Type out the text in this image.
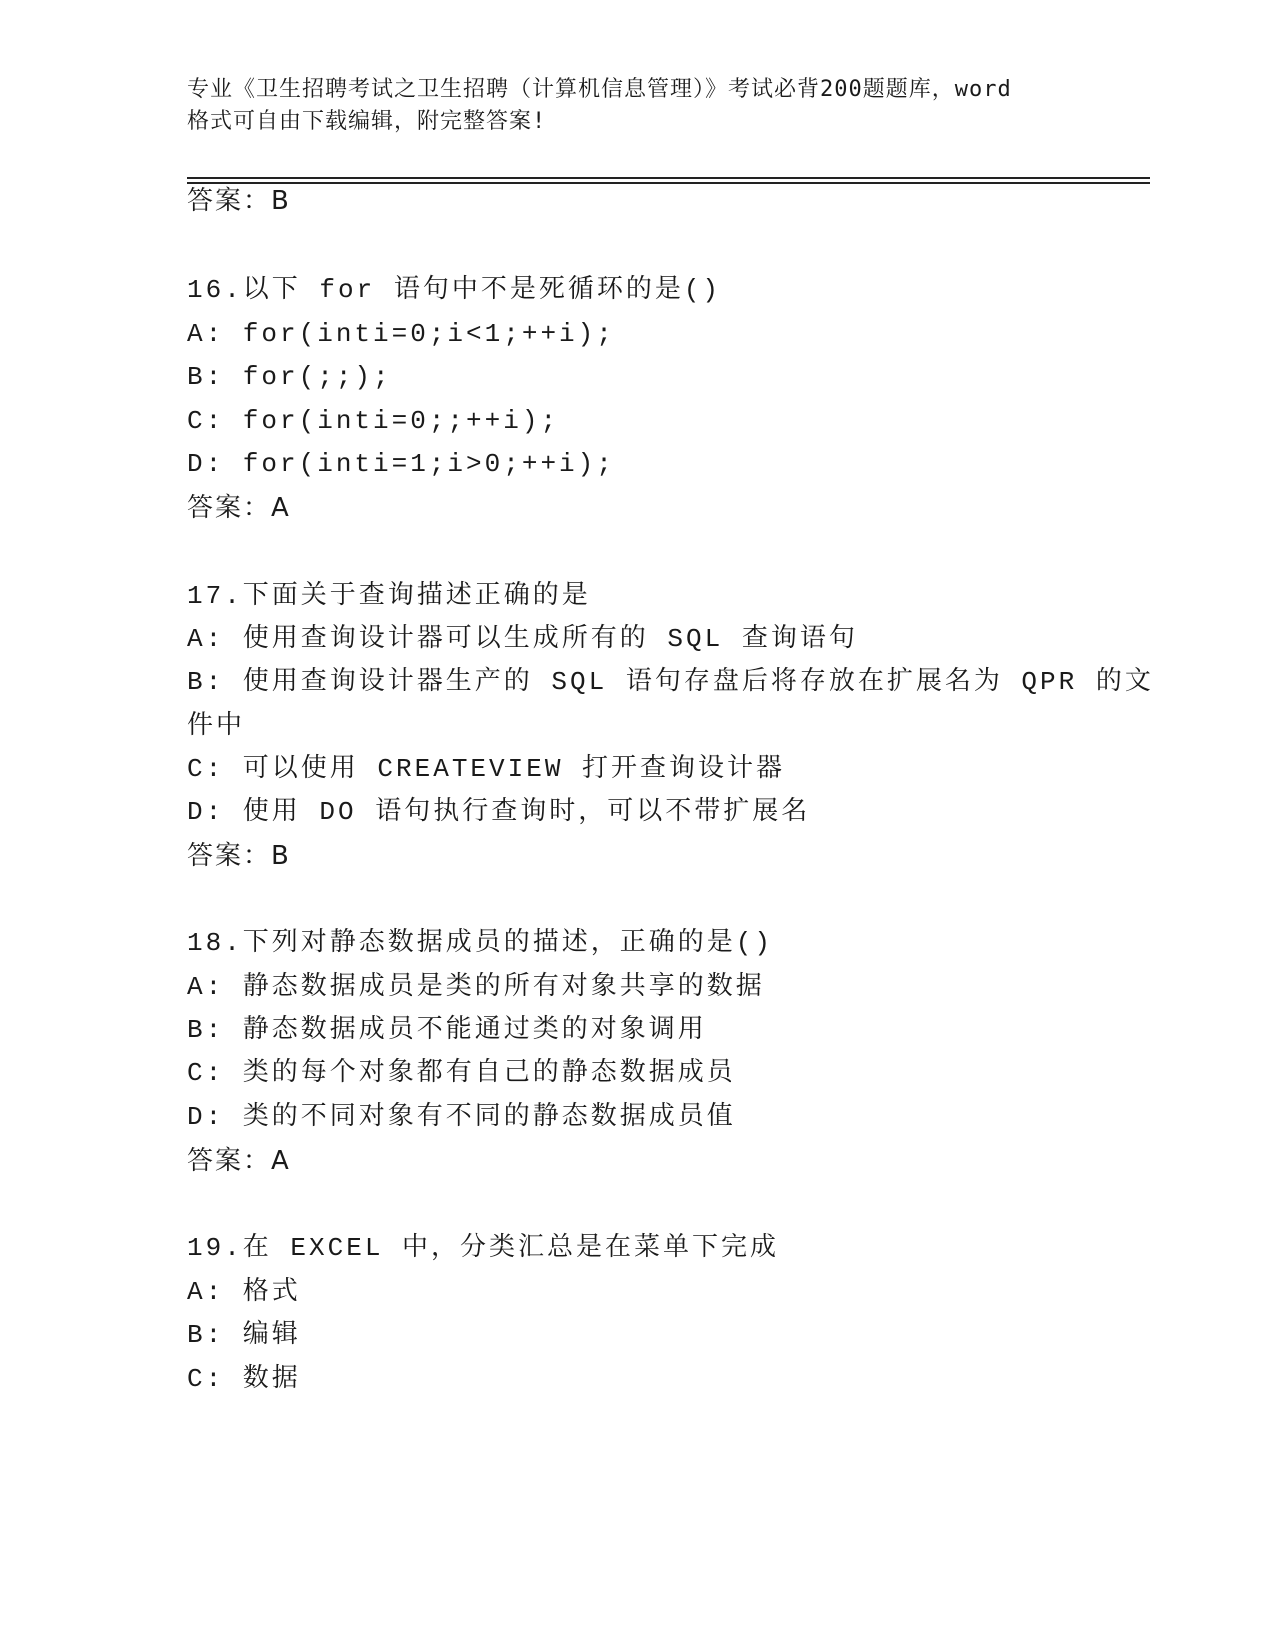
专业《卫生招聘考试之卫生招聘（计算机信息管理）》考试必背200题题库，word
格式可自由下载编辑，附完整答案!
答案：B
16.以下 for 语句中不是死循环的是()
A: for(inti=0;i<1;++i);
B: for(;;);
C: for(inti=0;;++i);
D: for(inti=1;i>0;++i);
答案：A
17.下面关于查询描述正确的是
A: 使用查询设计器可以生成所有的 SQL 查询语句
B: 使用查询设计器生产的 SQL 语句存盘后将存放在扩展名为 QPR 的文
件中
C: 可以使用 CREATEVIEW 打开查询设计器
D: 使用 DO 语句执行查询时，可以不带扩展名
答案：B
18.下列对静态数据成员的描述，正确的是()
A: 静态数据成员是类的所有对象共享的数据
B: 静态数据成员不能通过类的对象调用
C: 类的每个对象都有自己的静态数据成员
D: 类的不同对象有不同的静态数据成员值
答案：A
19.在 EXCEL 中，分类汇总是在菜单下完成
A: 格式
B: 编辑
C: 数据
